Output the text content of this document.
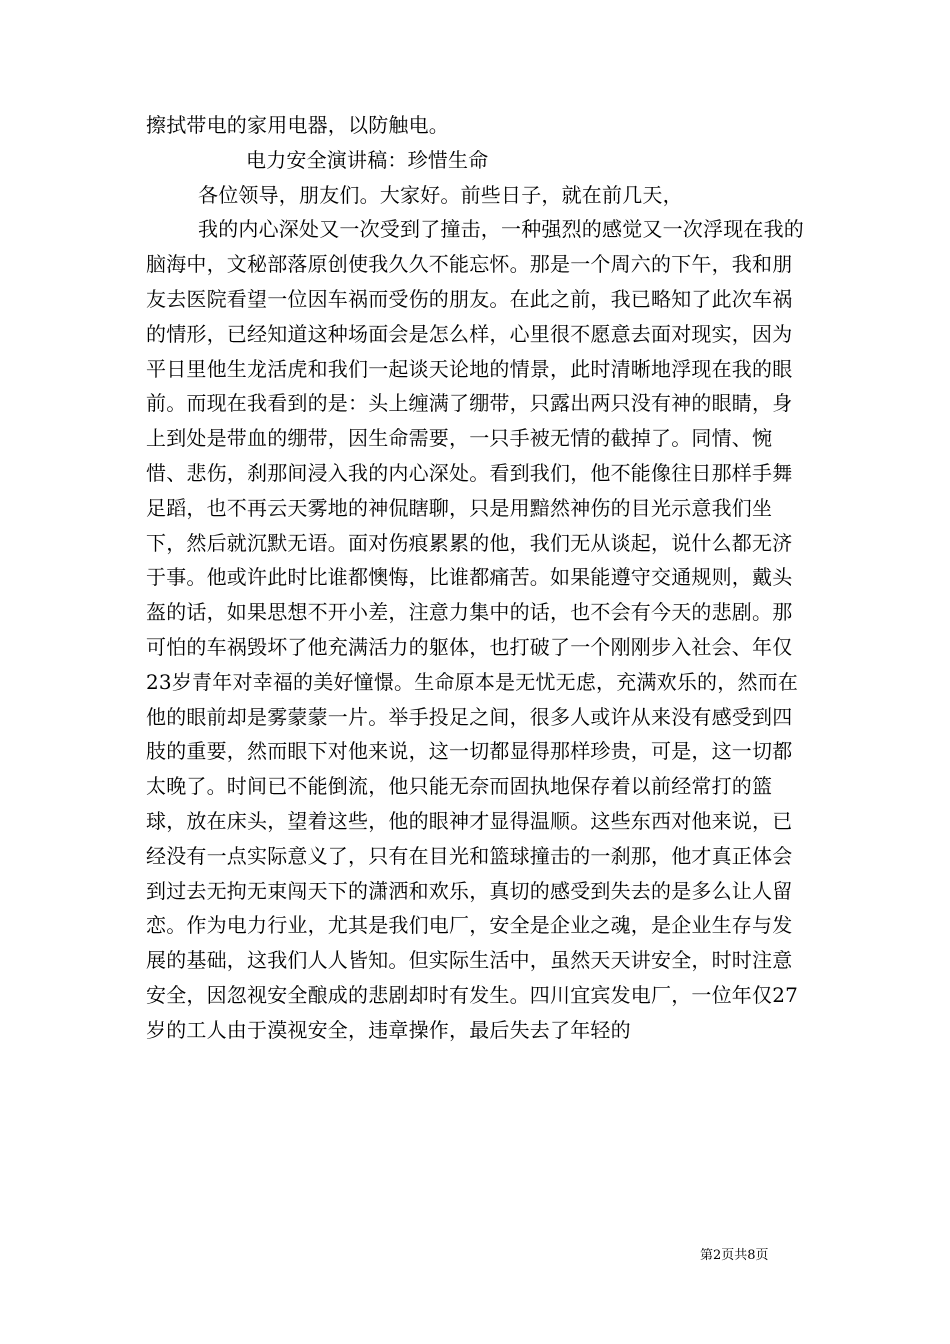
擦拭带电的家用电器，以防触电。

电力安全演讲稿：珍惜生命

各位领导，朋友们。大家好。前些日子，就在前几天，

我的内心深处又一次受到了撞击，一种强烈的感觉又一次浮现在我的脑海中，文秘部落原创使我久久不能忘怀。那是一个周六的下午，我和朋友去医院看望一位因车祸而受伤的朋友。在此之前，我已略知了此次车祸的情形，已经知道这种场面会是怎么样，心里很不愿意去面对现实，因为平日里他生龙活虎和我们一起谈天论地的情景，此时清晰地浮现在我的眼前。而现在我看到的是：头上缠满了绷带，只露出两只没有神的眼睛，身上到处是带血的绷带，因生命需要，一只手被无情的截掉了。同情、惋惜、悲伤，刹那间浸入我的内心深处。看到我们，他不能像往日那样手舞足蹈，也不再云天雾地的神侃瞎聊，只是用黯然神伤的目光示意我们坐下，然后就沉默无语。面对伤痕累累的他，我们无从谈起，说什么都无济于事。他或许此时比谁都懊悔，比谁都痛苦。如果能遵守交通规则，戴头盔的话，如果思想不开小差，注意力集中的话，也不会有今天的悲剧。那可怕的车祸毁坏了他充满活力的躯体，也打破了一个刚刚步入社会、年仅23岁青年对幸福的美好憧憬。生命原本是无忧无虑，充满欢乐的，然而在他的眼前却是雾蒙蒙一片。举手投足之间，很多人或许从来没有感受到四肢的重要，然而眼下对他来说，这一切都显得那样珍贵，可是，这一切都太晚了。时间已不能倒流，他只能无奈而固执地保存着以前经常打的篮球，放在床头，望着这些，他的眼神才显得温顺。这些东西对他来说，已经没有一点实际意义了，只有在目光和篮球撞击的一刹那，他才真正体会到过去无拘无束闯天下的潇洒和欢乐，真切的感受到失去的是多么让人留恋。作为电力行业，尤其是我们电厂，安全是企业之魂，是企业生存与发展的基础，这我们人人皆知。但实际生活中，虽然天天讲安全，时时注意安全，因忽视安全酿成的悲剧却时有发生。四川宜宾发电厂，一位年仅27岁的工人由于漠视安全，违章操作，最后失去了年轻的

第2页共8页
